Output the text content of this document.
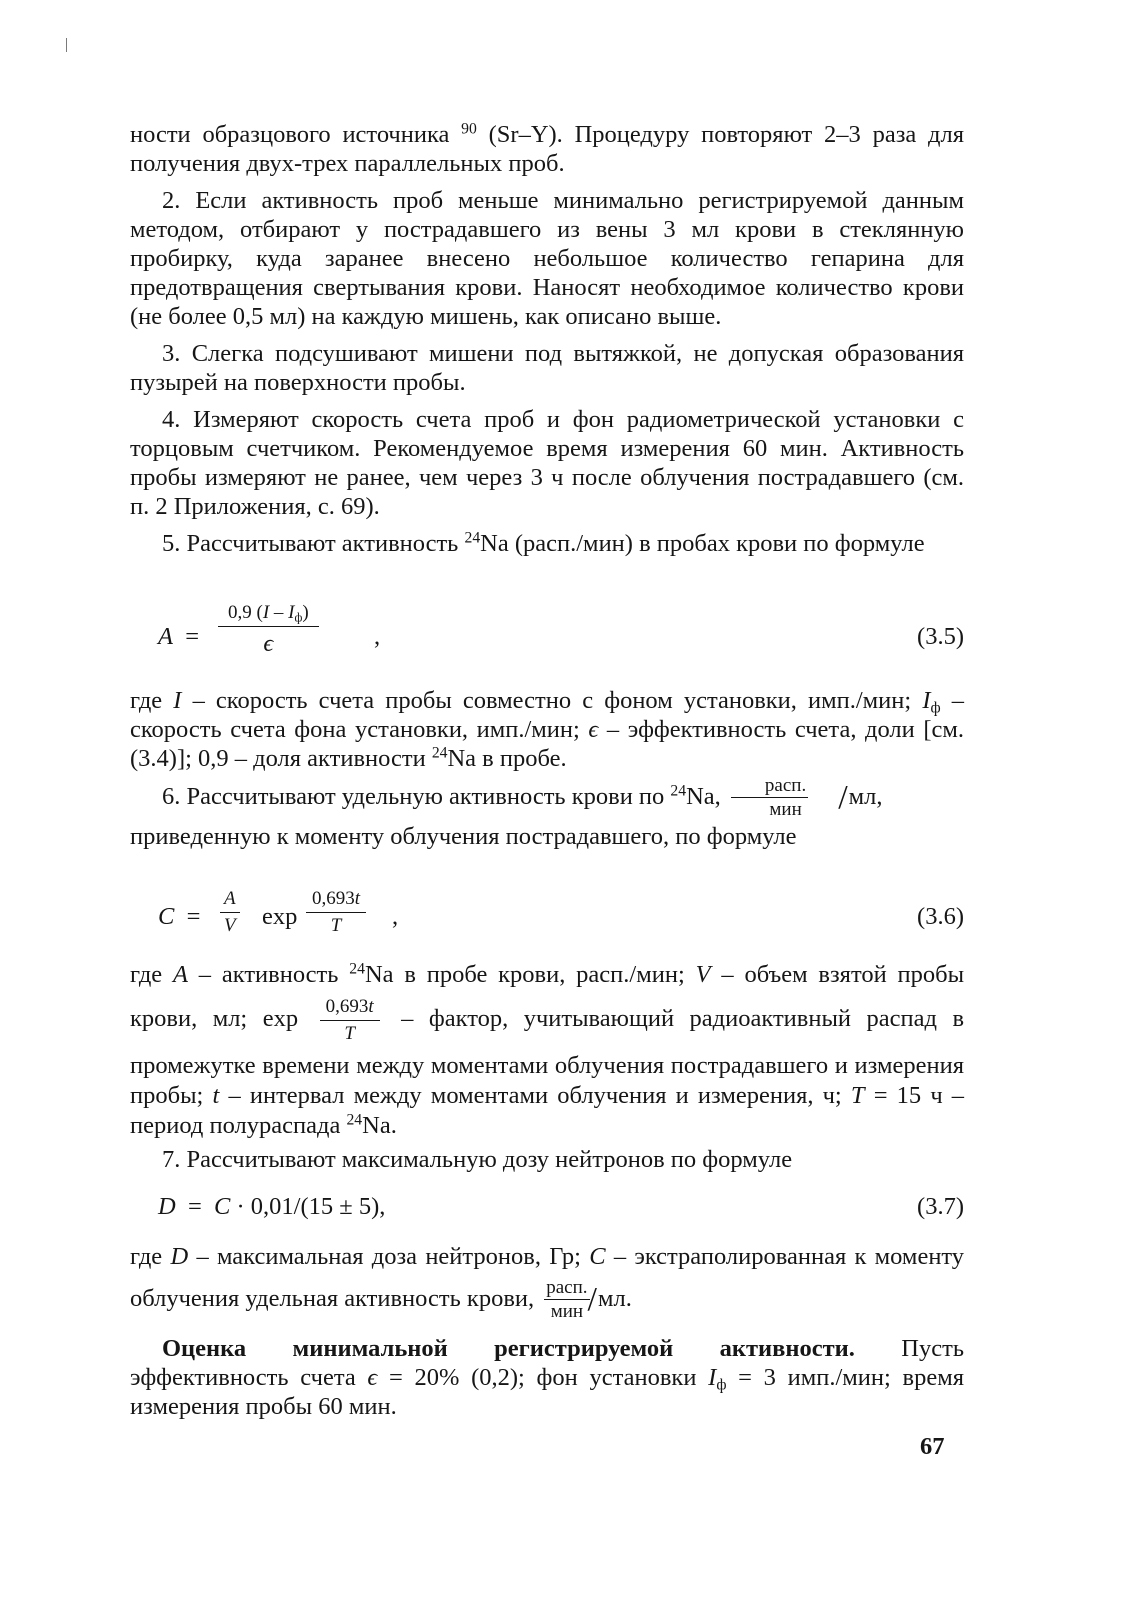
ности образцового источника $^{90}$ (Sr–Y). Процедуру повторяют 2–3 раза для получения двух-трех параллельных проб.

2. Если активность проб меньше минимально регистрируемой данным методом, отбирают у пострадавшего из вены 3 мл крови в стеклянную пробирку, куда заранее внесено небольшое количество гепарина для предотвращения свертывания крови. Наносят необходимое количество крови (не более 0,5 мл) на каждую мишень, как описано выше.

3. Слегка подсушивают мишени под вытяжкой, не допуская образования пузырей на поверхности пробы.

4. Измеряют скорость счета проб и фон радиометрической установки с торцовым счетчиком. Рекомендуемое время измерения 60 мин. Активность пробы измеряют не ранее, чем через 3 ч после облучения пострадавшего (см. п. 2 Приложения, с. 69).

5. Рассчитывают активность $^{24}$Na (расп./мин) в пробах крови по формуле

A =
0,9 $(I - I_ф)$
ϵ	,	(3.5)

где I – скорость счета пробы совместно с фоном установки, имп./мин; $I_ф$ – скорость счета фона установки, имп./мин; ϵ – эффективность счета, доли [см. (3.4)]; 0,9 – доля активности $^{24}$Na в пробе.

6. Рассчитывают удельную активность крови по $^{24}$Na,	расп.
мин /мл,

приведенную к моменту облучения пострадавшего, по формуле

$C = \frac{A}{V}$ $\exp \frac{0,693t}{T}$ ,	(3.6)

где A – активность $^{24}$Na в пробе крови, расп./мин; V – объем взятой пробы крови, мл; $\exp \frac{0,693t}{T}$ – фактор, учитывающий радиоактивный распад в промежутке времени между моментами облучения пострадавшего и измерения пробы; t – интервал между моментами облучения и измерения, ч; T = 15 ч – период полураспада $^{24}$Na.

7. Рассчитывают максимальную дозу нейтронов по формуле

D = C · 0,01/(15 ± 5),	(3.7)

где D – максимальная доза нейтронов, Гр; C – экстраполированная к моменту облучения удельная активность крови, расп.
мин /мл.

Оценка минимальной регистрируемой активности. Пусть эффективность счета ϵ = 20% (0,2); фон установки $I_ф = 3$ имп./мин; время измерения пробы 60 мин.

67
